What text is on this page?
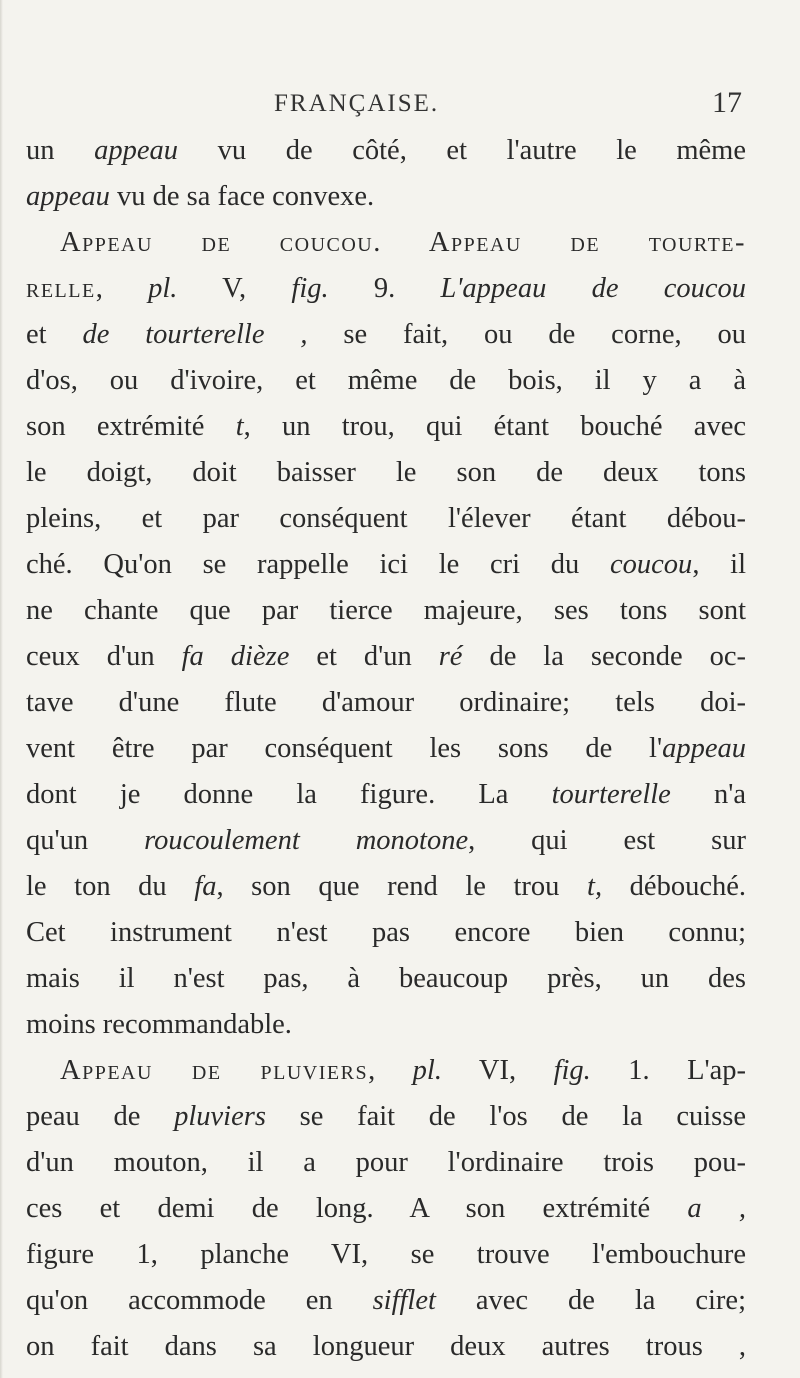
FRANÇAISE.	17
un appeau vu de côté, et l'autre le même
appeau vu de sa face convexe.
Appeau de coucou. Appeau de tourte-
relle, pl. V, fig. 9. L'appeau de coucou
et de tourterelle , se fait, ou de corne, ou
d'os, ou d'ivoire, et même de bois, il y a à
son extrémité t, un trou, qui étant bouché avec
le doigt, doit baisser le son de deux tons
pleins, et par conséquent l'élever étant débou-
ché. Qu'on se rappelle ici le cri du coucou, il
ne chante que par tierce majeure, ses tons sont
ceux d'un fa dièze et d'un ré de la seconde oc-
tave d'une flute d'amour ordinaire; tels doi-
vent être par conséquent les sons de l'appeau
dont je donne la figure. La tourterelle n'a
qu'un roucoulement monotone, qui est sur
le ton du fa, son que rend le trou t, débouché.
Cet instrument n'est pas encore bien connu;
mais il n'est pas, à beaucoup près, un des
moins recommandable.
Appeau de pluviers, pl. VI, fig. 1. L'ap-
peau de pluviers se fait de l'os de la cuisse
d'un mouton, il a pour l'ordinaire trois pou-
ces et demi de long. A son extrémité a ,
figure 1, planche VI, se trouve l'embouchure
qu'on accommode en sifflet avec de la cire;
on fait dans sa longueur deux autres trous ,
